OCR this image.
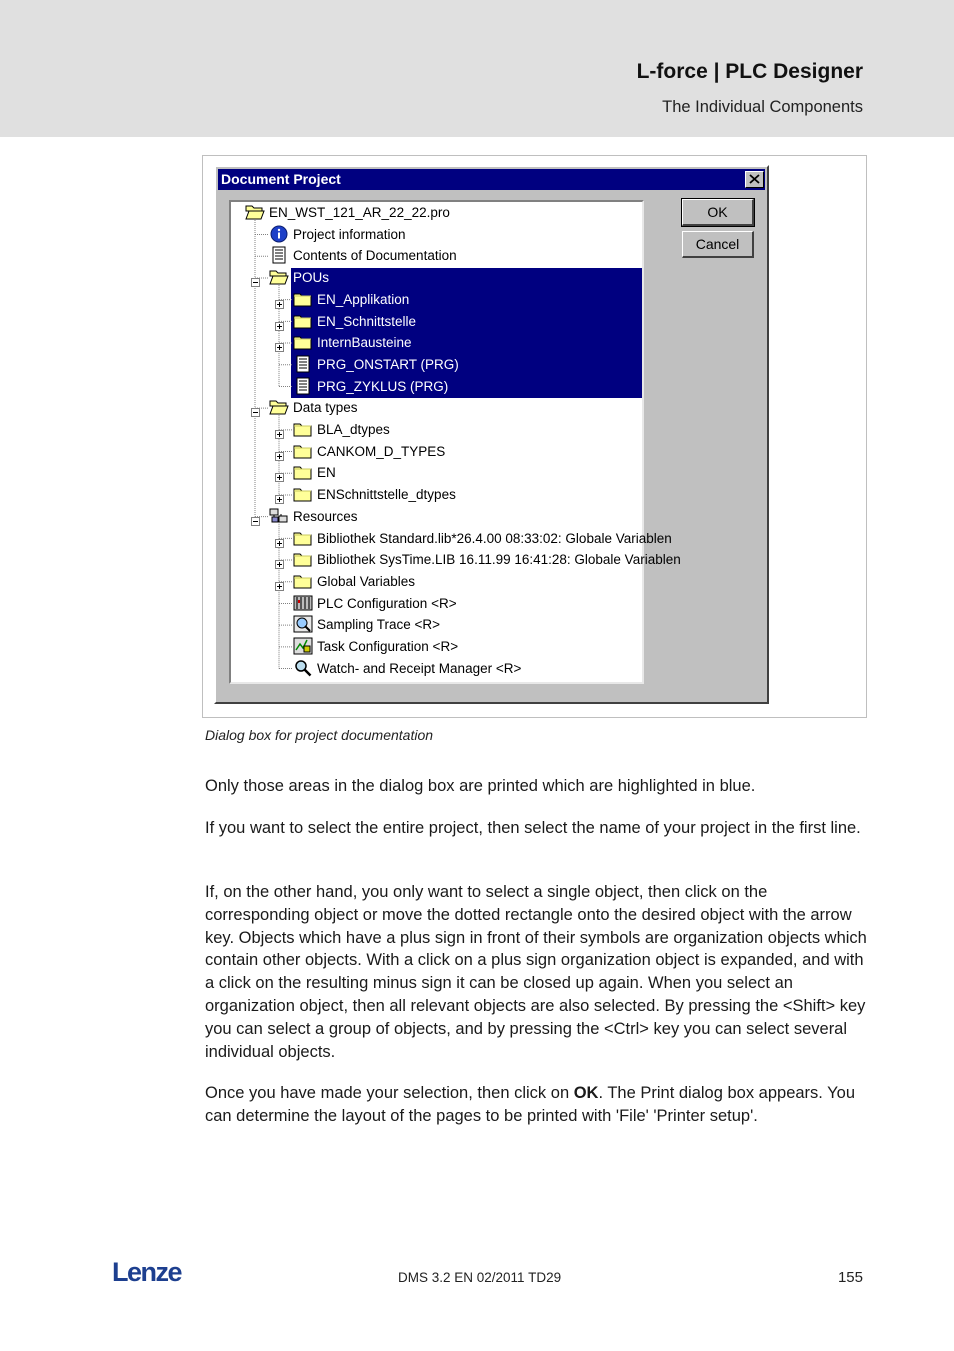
L-force | PLC Designer
The Individual Components
Document Project
EN_WST_121_AR_22_22.pro
Project information
Contents of Documentation
POUs
EN_Applikation
EN_Schnittstelle
InternBausteine
PRG_ONSTART (PRG)
PRG_ZYKLUS (PRG)
Data types
BLA_dtypes
CANKOM_D_TYPES
EN
ENSchnittstelle_dtypes
Resources
Bibliothek Standard.lib*26.4.00 08:33:02: Globale Variablen
Bibliothek SysTime.LIB 16.11.99 16:41:28: Globale Variablen
Global Variables
PLC Configuration <R>
Sampling Trace <R>
Task Configuration <R>
Watch- and Receipt Manager <R>
OK
Cancel
Dialog box for project documentation

Only those areas in the dialog box are printed which are highlighted in blue.

If you want to select the entire project, then select the name of your project in the first line.

If, on the other hand, you only want to select a single object, then click on the corresponding object or move the dotted rectangle onto the desired object with the arrow key. Objects which have a plus sign in front of their symbols are organization objects which contain other objects. With a click on a plus sign organization object is expanded, and with a click on the resulting minus sign it can be closed up again. When you select an organization object, then all relevant objects are also selected. By pressing the <Shift> key you can select a group of objects, and by pressing the <Ctrl> key you can select several individual objects.

Once you have made your selection, then click on OK. The Print dialog box appears. You can determine the layout of the pages to be printed with 'File' 'Printer setup'.

Lenze	DMS 3.2 EN 02/2011 TD29	155
